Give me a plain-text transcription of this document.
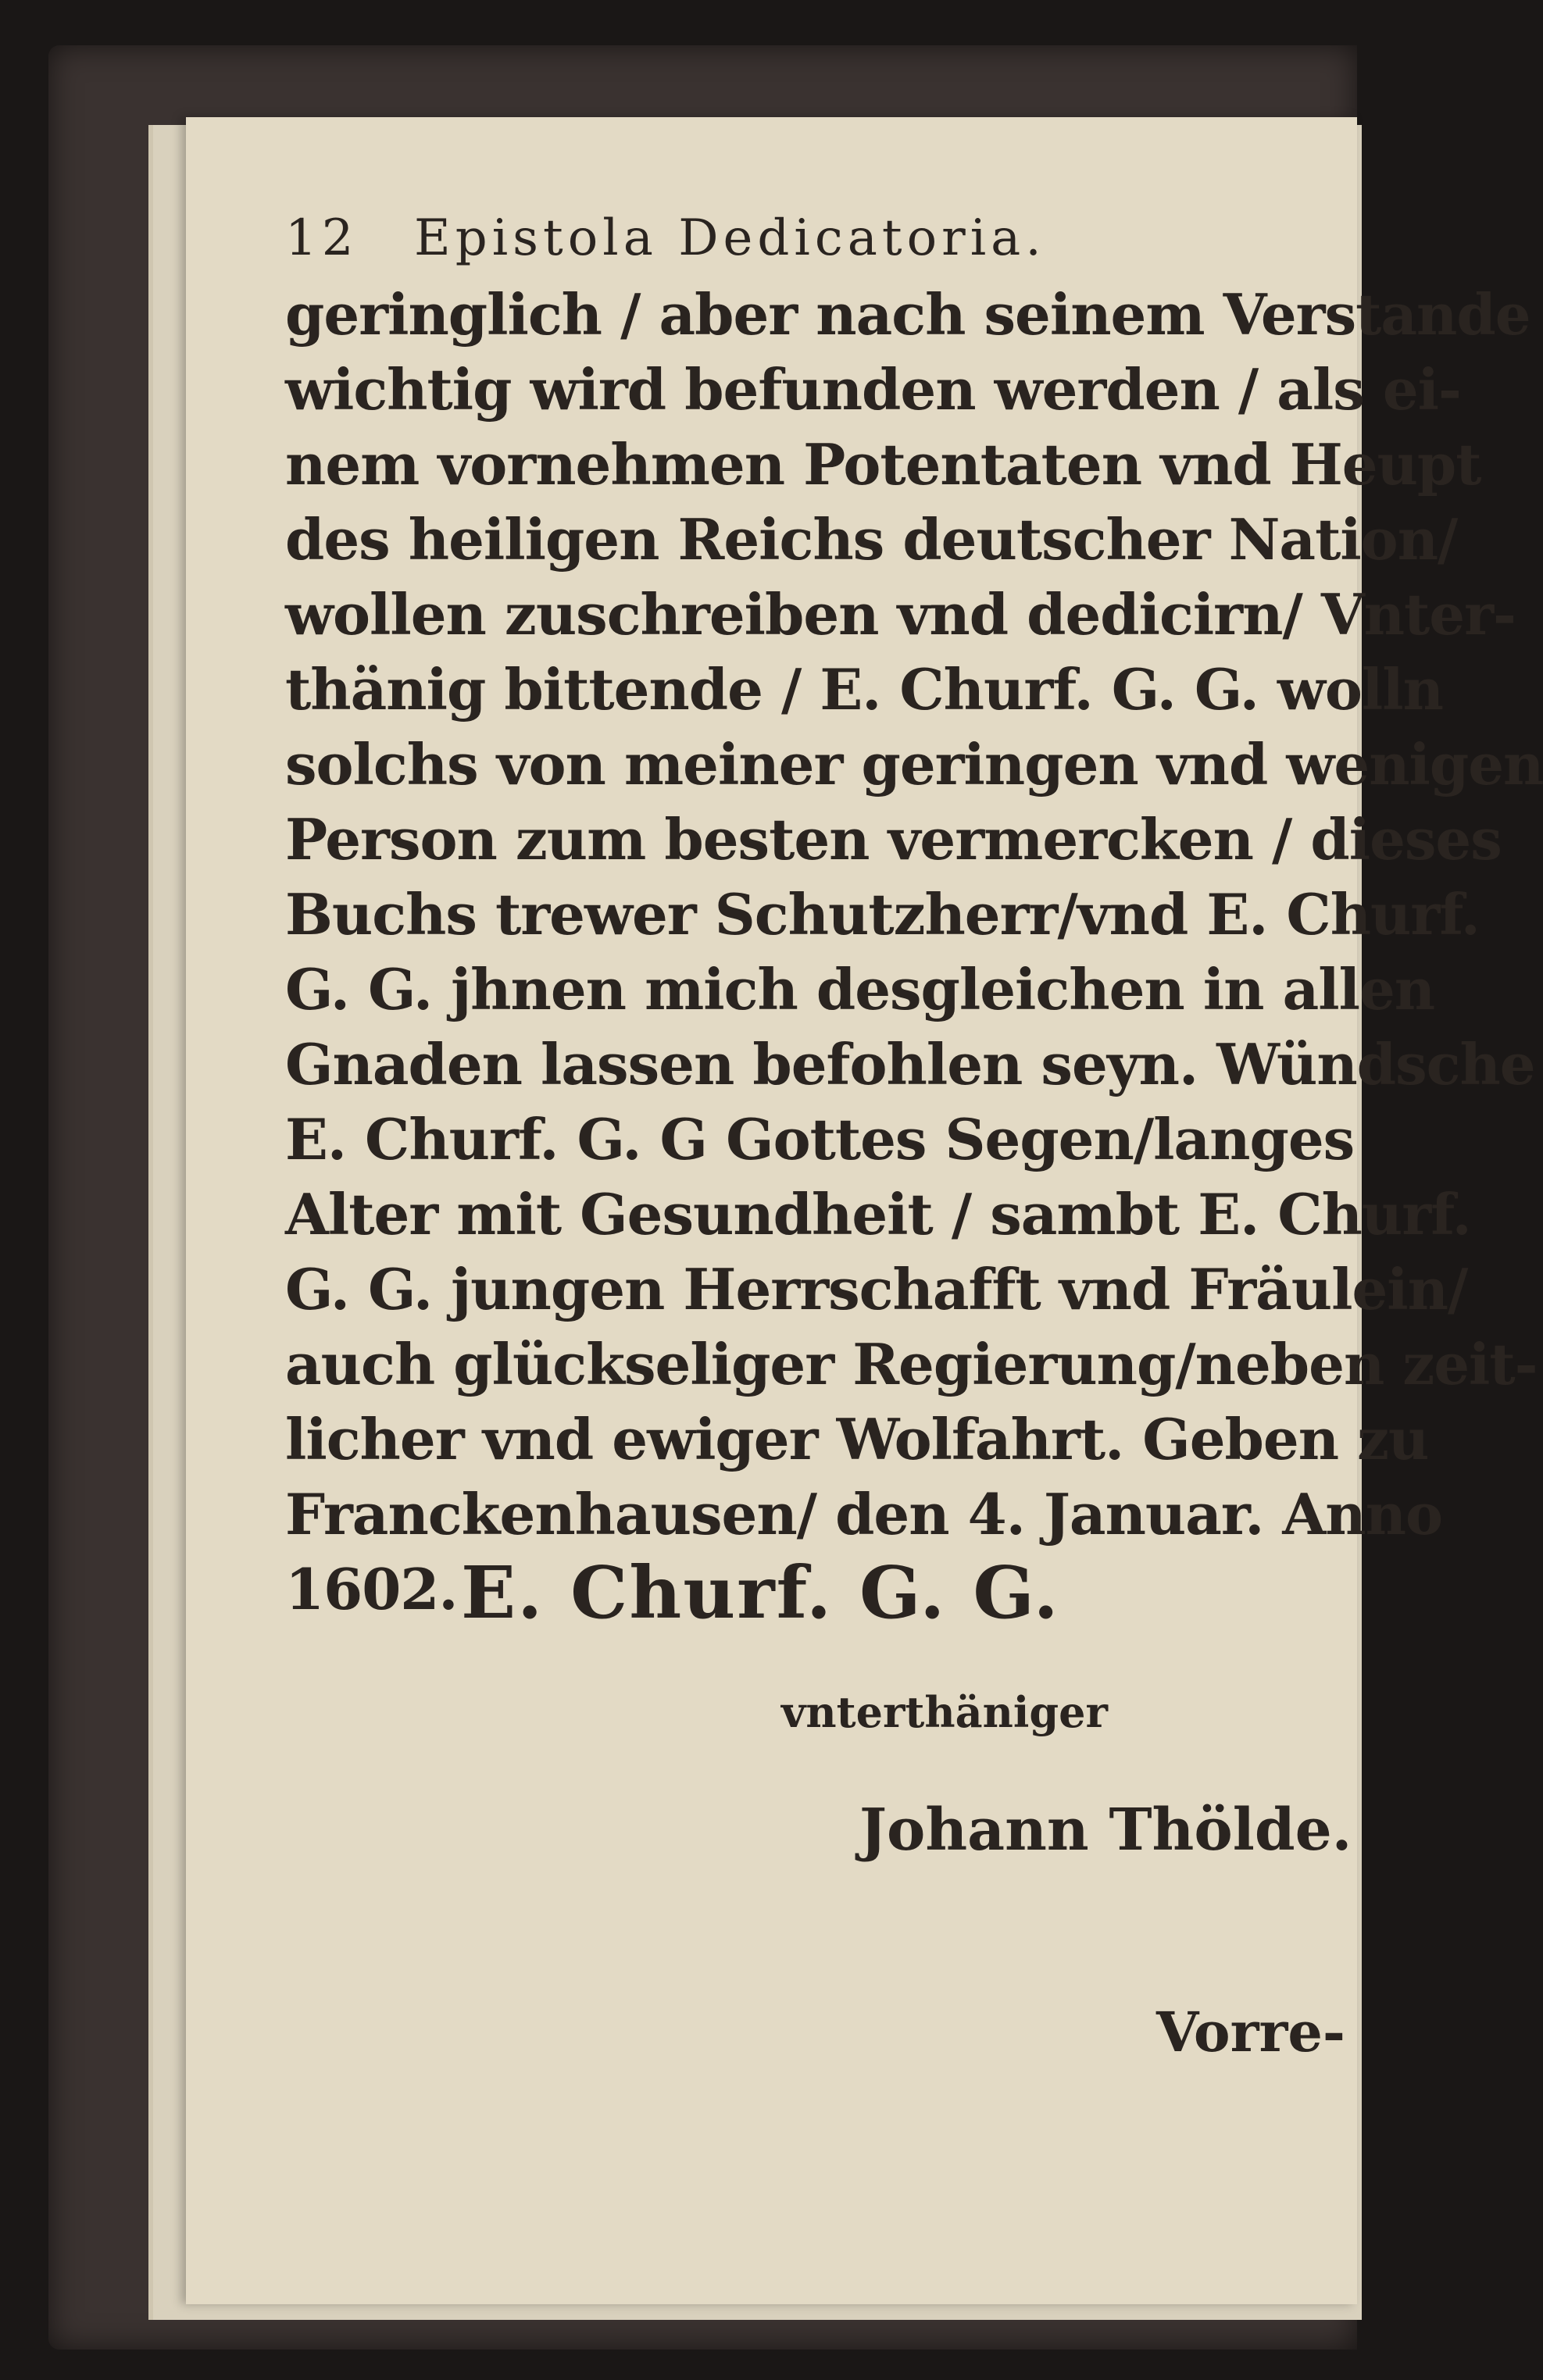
12 Epistola Dedicatoria.
geringlich / aber nach seinem Verstande
wichtig wird befunden werden / als ei-
nem vornehmen Potentaten vnd Heupt
des heiligen Reichs deutscher Nation/
wollen zuschreiben vnd dedicirn/ Vnter-
thänig bittende / E. Churf. G. G. wolln
solchs von meiner geringen vnd wenigen
Person zum besten vermercken / dieses
Buchs trewer Schutzherr/vnd E. Churf.
G. G. jhnen mich desgleichen in allen
Gnaden lassen befohlen seyn. Wündsche
E. Churf. G. G Gottes Segen/langes
Alter mit Gesundheit / sambt E. Churf.
G. G. jungen Herrschafft vnd Fräulein/
auch glückseliger Regierung/neben zeit-
licher vnd ewiger Wolfahrt. Geben zu
Franckenhausen/ den 4. Januar. Anno
1602. E. Churf. G. G.
vnterthäniger
Johann Thölde.
Vorre-
